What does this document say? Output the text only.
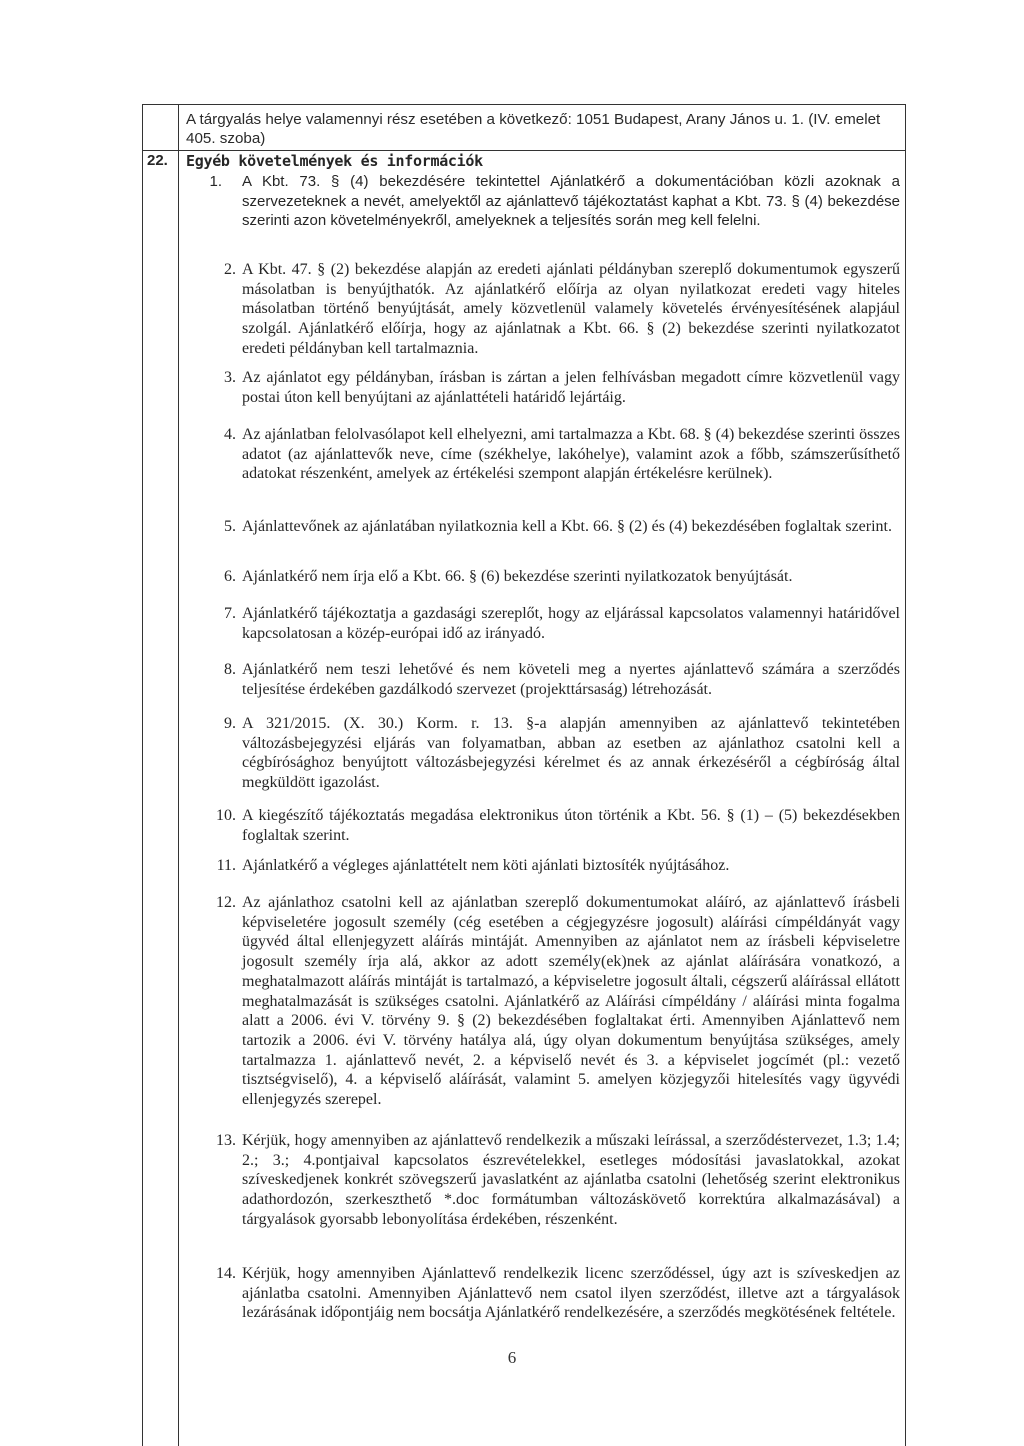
A tárgyalás helye valamennyi rész esetében a következő: 1051 Budapest, Arany János u. 1. (IV. emelet 405. szoba)

22. Egyéb követelmények és információk
1. A Kbt. 73. § (4) bekezdésére tekintettel Ajánlatkérő a dokumentációban közli azoknak a szervezeteknek a nevét, amelyektől az ajánlattevő tájékoztatást kaphat a Kbt. 73. § (4) bekezdése szerinti azon követelményekről, amelyeknek a teljesítés során meg kell felelni.

2. A Kbt. 47. § (2) bekezdése alapján az eredeti ajánlati példányban szereplő dokumentumok egyszerű másolatban is benyújthatók. Az ajánlatkérő előírja az olyan nyilatkozat eredeti vagy hiteles másolatban történő benyújtását, amely közvetlenül valamely követelés érvényesítésének alapjául szolgál. Ajánlatkérő előírja, hogy az ajánlatnak a Kbt. 66. § (2) bekezdése szerinti nyilatkozatot eredeti példányban kell tartalmaznia.

3. Az ajánlatot egy példányban, írásban is zártan a jelen felhívásban megadott címre közvetlenül vagy postai úton kell benyújtani az ajánlattételi határidő lejártáig.

4. Az ajánlatban felolvasólapot kell elhelyezni, ami tartalmazza a Kbt. 68. § (4) bekezdése szerinti összes adatot (az ajánlattevők neve, címe (székhelye, lakóhelye), valamint azok a főbb, számszerűsíthető adatokat részenként, amelyek az értékelési szempont alapján értékelésre kerülnek).

5. Ajánlattevőnek az ajánlatában nyilatkoznia kell a Kbt. 66. § (2) és (4) bekezdésében foglaltak szerint.

6. Ajánlatkérő nem írja elő a Kbt. 66. § (6) bekezdése szerinti nyilatkozatok benyújtását.

7. Ajánlatkérő tájékoztatja a gazdasági szereplőt, hogy az eljárással kapcsolatos valamennyi határidővel kapcsolatosan a közép-európai idő az irányadó.

8. Ajánlatkérő nem teszi lehetővé és nem követeli meg a nyertes ajánlattevő számára a szerződés teljesítése érdekében gazdálkodó szervezet (projekttársaság) létrehozását.

9. A 321/2015. (X. 30.) Korm. r. 13. §-a alapján amennyiben az ajánlattevő tekintetében változásbejegyzési eljárás van folyamatban, abban az esetben az ajánlathoz csatolni kell a cégbírósághoz benyújtott változásbejegyzési kérelmet és az annak érkezéséről a cégbíróság által megküldött igazolást.

10. A kiegészítő tájékoztatás megadása elektronikus úton történik a Kbt. 56. § (1) – (5) bekezdésekben foglaltak szerint.

11. Ajánlatkérő a végleges ajánlattételt nem köti ajánlati biztosíték nyújtásához.

12. Az ajánlathoz csatolni kell az ajánlatban szereplő dokumentumokat aláíró, az ajánlattevő írásbeli képviseletére jogosult személy (cég esetében a cégjegyzésre jogosult) aláírási címpéldányát vagy ügyvéd által ellenjegyzett aláírás mintáját. Amennyiben az ajánlatot nem az írásbeli képviseletre jogosult személy írja alá, akkor az adott személy(ek)nek az ajánlat aláírására vonatkozó, a meghatalmazott aláírás mintáját is tartalmazó, a képviseletre jogosult általi, cégszerű aláírással ellátott meghatalmazását is szükséges csatolni. Ajánlatkérő az Aláírási címpéldány / aláírási minta fogalma alatt a 2006. évi V. törvény 9. § (2) bekezdésében foglaltakat érti. Amennyiben Ajánlattevő nem tartozik a 2006. évi V. törvény hatálya alá, úgy olyan dokumentum benyújtása szükséges, amely tartalmazza 1. ajánlattevő nevét, 2. a képviselő nevét és 3. a képviselet jogcímét (pl.: vezető tisztségviselő), 4. a képviselő aláírását, valamint 5. amelyen közjegyzői hitelesítés vagy ügyvédi ellenjegyzés szerepel.

13. Kérjük, hogy amennyiben az ajánlattevő rendelkezik a műszaki leírással, a szerződéstervezet, 1.3; 1.4; 2.; 3.; 4.pontjaival kapcsolatos észrevételekkel, esetleges módosítási javaslatokkal, azokat szíveskedjenek konkrét szövegszerű javaslatként az ajánlatba csatolni (lehetőség szerint elektronikus adathordozón, szerkeszthető *.doc formátumban változáskövető korrektúra alkalmazásával) a tárgyalások gyorsabb lebonyolítása érdekében, részenként.

14. Kérjük, hogy amennyiben Ajánlattevő rendelkezik licenc szerződéssel, úgy azt is szíveskedjen az ajánlatba csatolni. Amennyiben Ajánlattevő nem csatol ilyen szerződést, illetve azt a tárgyalások lezárásának időpontjáig nem bocsátja Ajánlatkérő rendelkezésére, a szerződés megkötésének feltétele.

6
